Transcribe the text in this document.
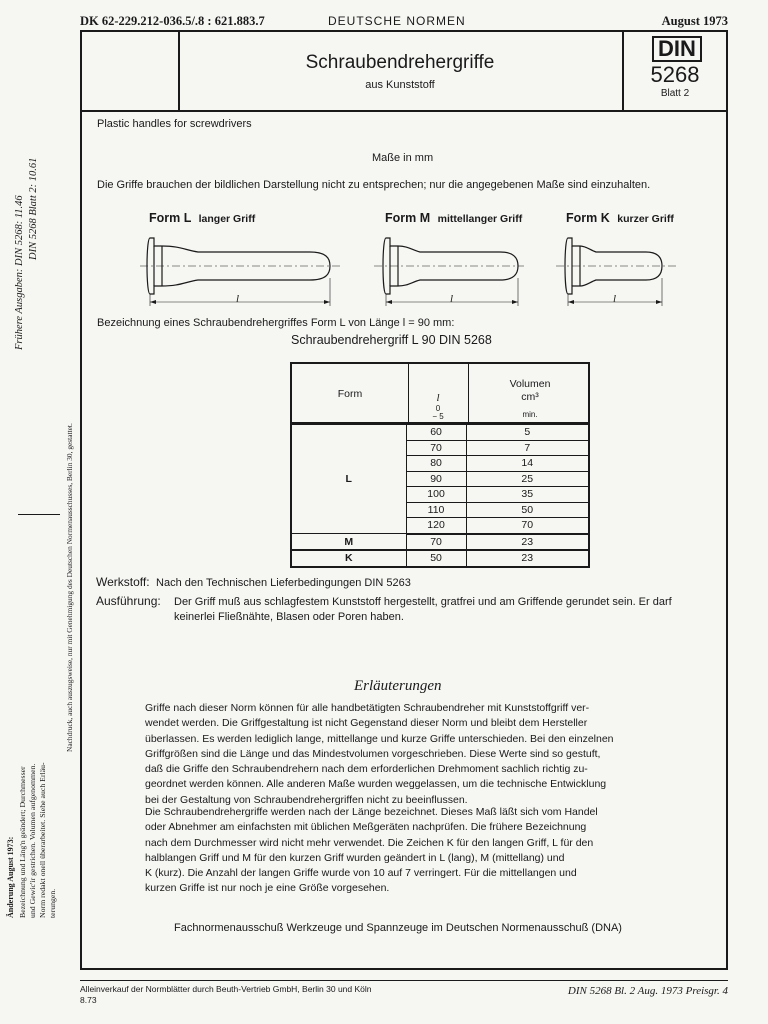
DK 62-229.212-036.5/.8 : 621.883.7	DEUTSCHE NORMEN	August 1973
Schraubendrehergriffe
aus Kunststoff
DIN
5268
Blatt 2
Frühere Ausgaben: DIN 5268: 11.46 DIN 5268 Blatt 2: 10.61
Nachdruck, auch auszugsweise, nur mit Genehmigung des Deutschen Normenausschusses, Berlin 30, gestattet.
Änderung August 1973: Bezeichnung und Läng'n geändert; Durchmesser und Gewic'ir gestrichen. Volumen aufgenommen. Norm redakt onell überarbeitet. Siehe auch Erläu- terungen.
Plastic handles for screwdrivers
Maße in mm
Die Griffe brauchen der bildlichen Darstellung nicht zu entsprechen; nur die angegebenen Maße sind einzuhalten.
Form L langer Griff	Form M mittellanger Griff	Form K kurzer Griff
l	l	l
Bezeichnung eines Schraubendrehergriffes Form L von Länge l = 90 mm:
Schraubendrehergriff L 90 DIN 5268
Form	l
0
− 5
Volumen
cm³
min.
L	60	5
	70	7
	80	14
	90	25
	100	35
	110	50
	120	70
M	70	23
K	50	23
Werkstoff: Nach den Technischen Lieferbedingungen DIN 5263
Ausführung: Der Griff muß aus schlagfestem Kunststoff hergestellt, gratfrei und am Griffende gerundet sein. Er darf
keinerlei Fließnähte, Blasen oder Poren haben.
Erläuterungen
Griffe nach dieser Norm können für alle handbetätigten Schraubendreher mit Kunststoffgriff ver-
wendet werden. Die Griffgestaltung ist nicht Gegenstand dieser Norm und bleibt dem Hersteller
überlassen. Es werden lediglich lange, mittellange und kurze Griffe unterschieden. Bei den einzelnen
Griffgrößen sind die Länge und das Mindestvolumen vorgeschrieben. Diese Werte sind so gestuft,
daß die Griffe den Schraubendrehern nach dem erforderlichen Drehmoment sachlich richtig zu-
geordnet werden können. Alle anderen Maße wurden weggelassen, um die technische Entwicklung
bei der Gestaltung von Schraubendrehergriffen nicht zu beeinflussen.
Die Schraubendrehergriffe werden nach der Länge bezeichnet. Dieses Maß läßt sich vom Handel
oder Abnehmer am einfachsten mit üblichen Meßgeräten nachprüfen. Die frühere Bezeichnung
nach dem Durchmesser wird nicht mehr verwendet. Die Zeichen K für den langen Griff, L für den
halblangen Griff und M für den kurzen Griff wurden geändert in L (lang), M (mittellang) und
K (kurz). Die Anzahl der langen Griffe wurde von 10 auf 7 verringert. Für die mittellangen und
kurzen Griffe ist nur noch je eine Größe vorgesehen.
Fachnormenausschuß Werkzeuge und Spannzeuge im Deutschen Normenausschuß (DNA)
Alleinverkauf der Normblätter durch Beuth-Vertrieb GmbH, Berlin 30 und Köln
8.73
DIN 5268 Bl. 2 Aug. 1973 Preisgr. 4
